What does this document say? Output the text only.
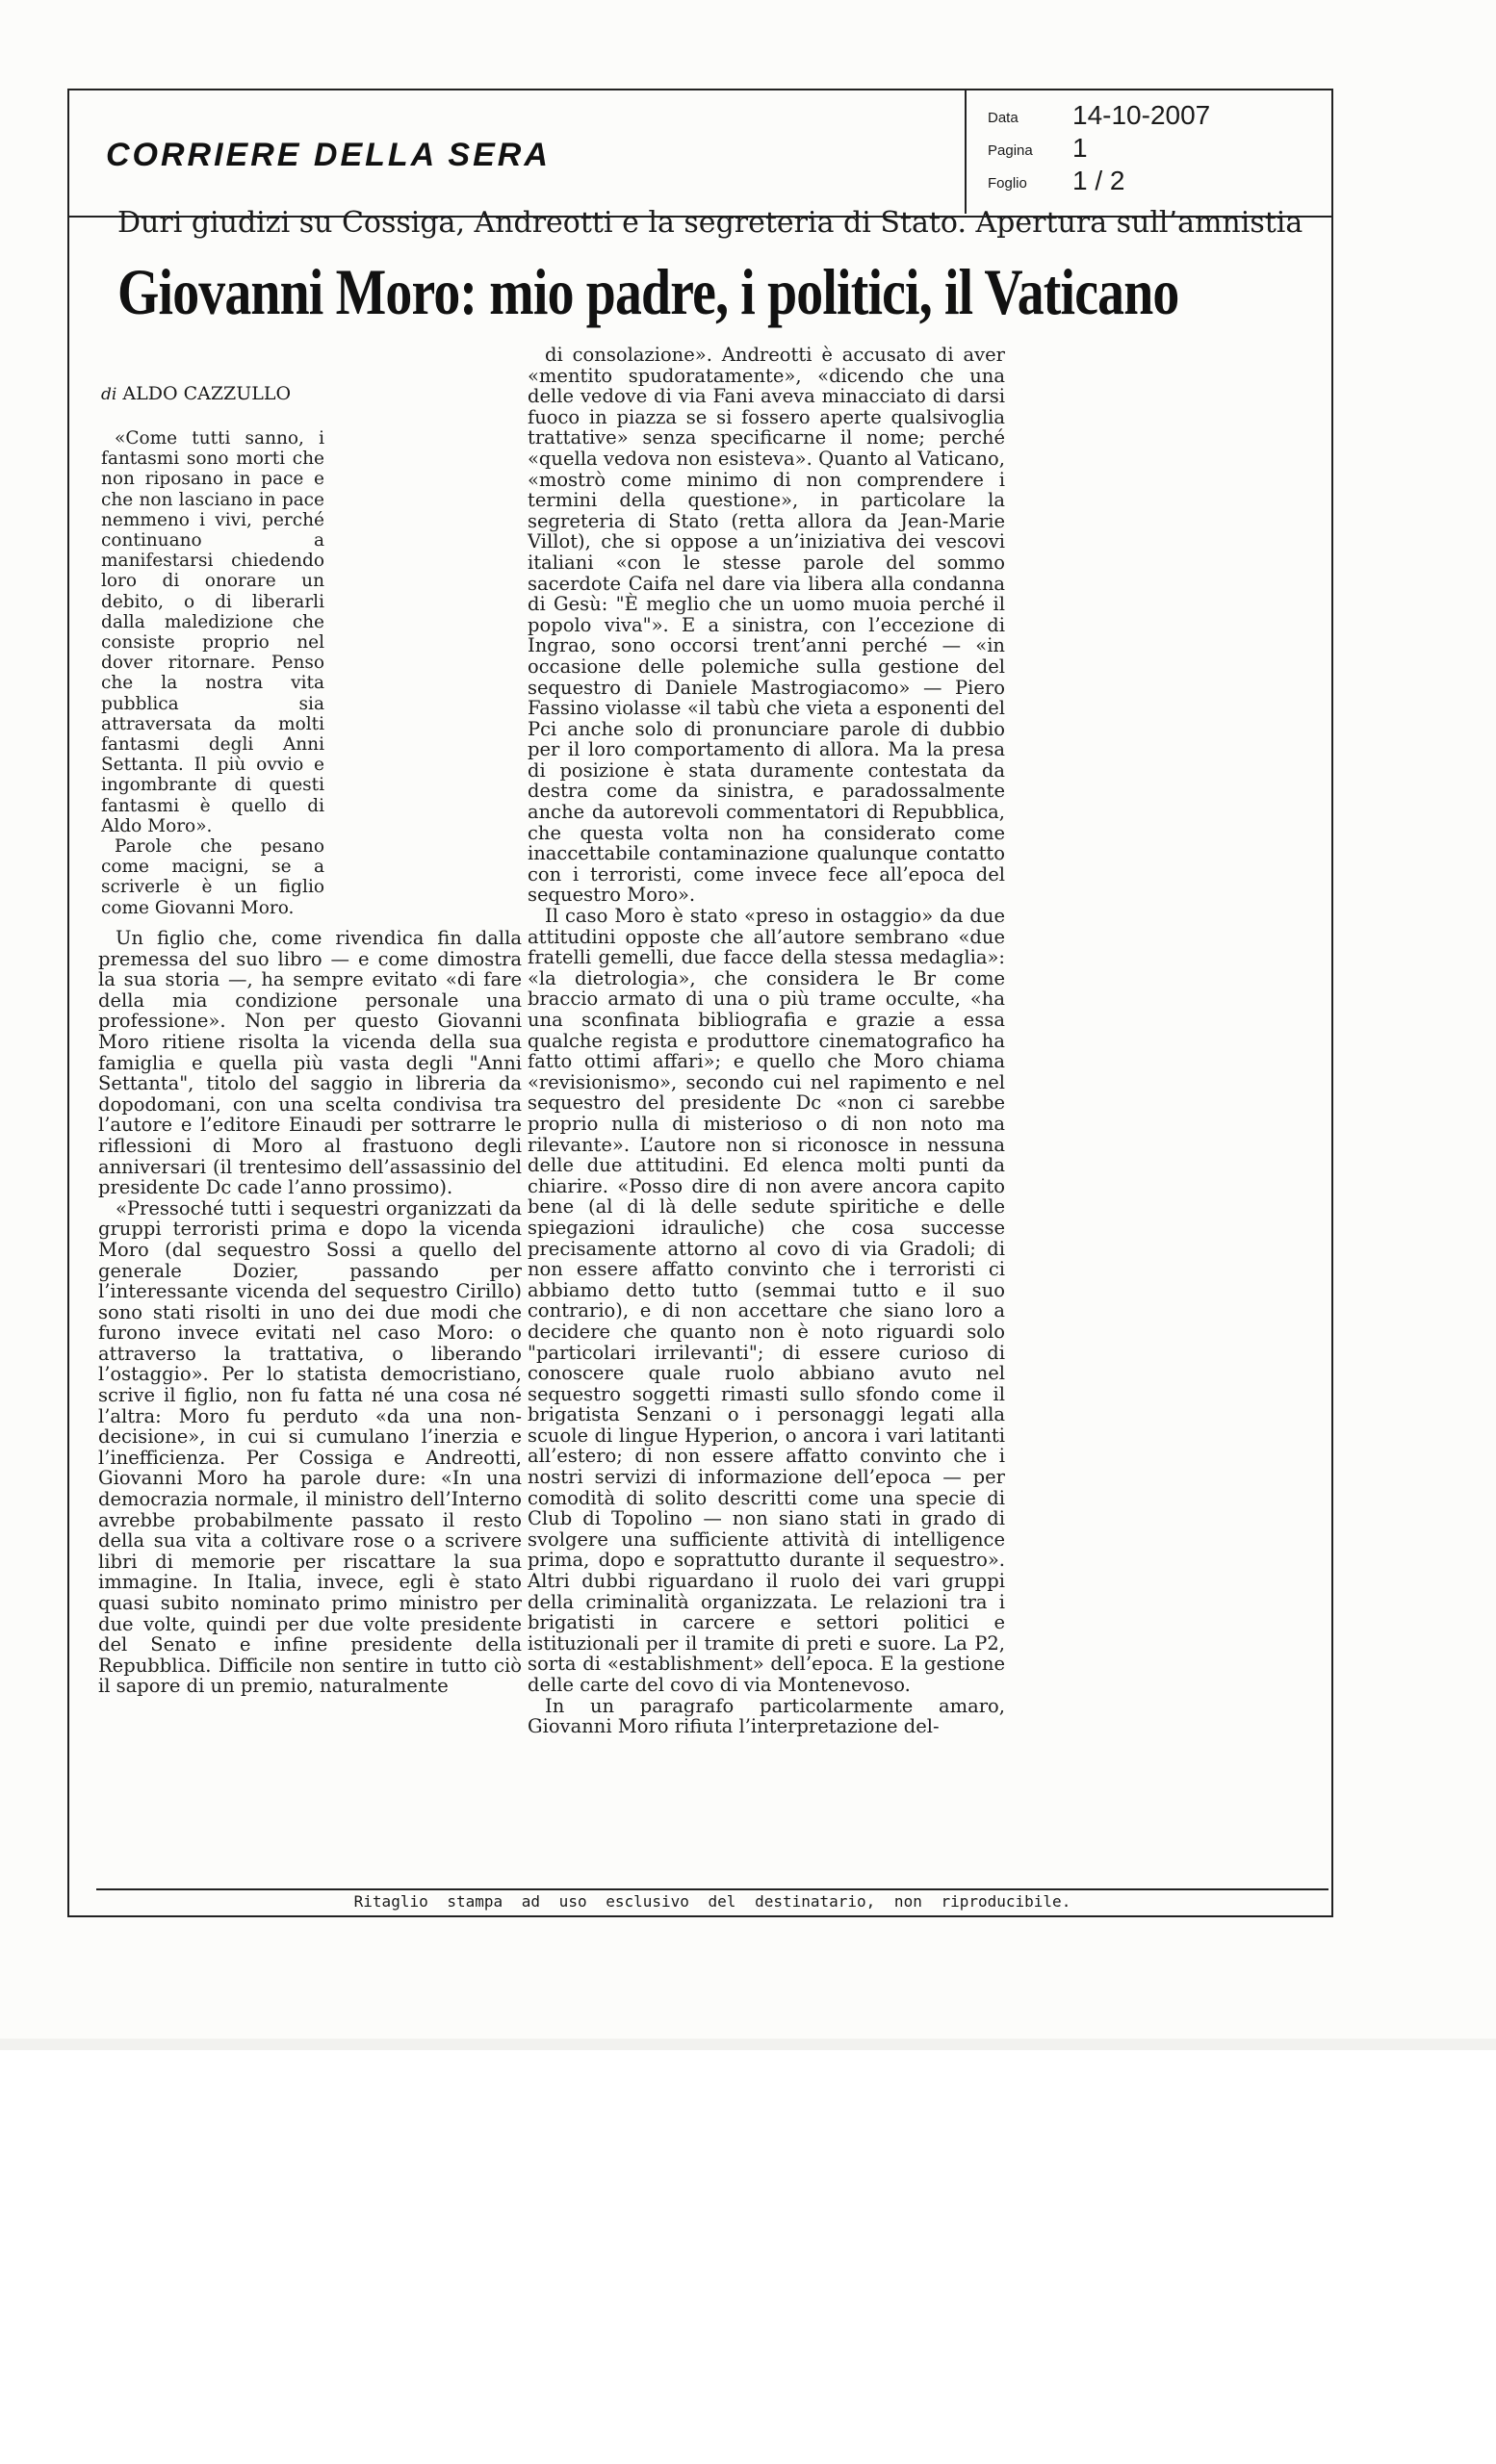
CORRIERE DELLA SERA
Data 14-10-2007
Pagina 1
Foglio 1 / 2
Duri giudizi su Cossiga, Andreotti e la segreteria di Stato. Apertura sull’amnistia
Giovanni Moro: mio padre, i politici, il Vaticano
di ALDO CAZZULLO

«Come tutti sanno, i fantasmi sono morti che non riposano in pace e che non lasciano in pace nemmeno i vivi, perché continuano a manifestarsi chiedendo loro di onorare un debito, o di liberarli dalla maledizione che consiste proprio nel dover ritornare. Penso che la nostra vita pubblica sia attraversata da molti fantasmi degli Anni Settanta. Il più ovvio e ingombrante di questi fantasmi è quello di Aldo Moro».

Parole che pesano come macigni, se a scriverle è un figlio come Giovanni Moro.

Un figlio che, come rivendica fin dalla premessa del suo libro — e come dimostra la sua storia —, ha sempre evitato «di fare della mia condizione personale una professione». Non per questo Giovanni Moro ritiene risolta la vicenda della sua famiglia e quella più vasta degli "Anni Settanta", titolo del saggio in libreria da dopodomani, con una scelta condivisa tra l’autore e l’editore Einaudi per sottrarre le riflessioni di Moro al frastuono degli anniversari (il trentesimo dell’assassinio del presidente Dc cade l’anno prossimo).

«Pressoché tutti i sequestri organizzati da gruppi terroristi prima e dopo la vicenda Moro (dal sequestro Sossi a quello del generale Dozier, passando per l’interessante vicenda del sequestro Cirillo) sono stati risolti in uno dei due modi che furono invece evitati nel caso Moro: o attraverso la trattativa, o liberando l’ostaggio». Per lo statista democristiano, scrive il figlio, non fu fatta né una cosa né l’altra: Moro fu perduto «da una non-decisione», in cui si cumulano l’inerzia e l’inefficienza. Per Cossiga e Andreotti, Giovanni Moro ha parole dure: «In una democrazia normale, il ministro dell’Interno avrebbe probabilmente passato il resto della sua vita a coltivare rose o a scrivere libri di memorie per riscattare la sua immagine. In Italia, invece, egli è stato quasi subito nominato primo ministro per due volte, quindi per due volte presidente del Senato e infine presidente della Repubblica. Difficile non sentire in tutto ciò il sapore di un premio, naturalmente

di consolazione». Andreotti è accusato di aver «mentito spudoratamente», «dicendo che una delle vedove di via Fani aveva minacciato di darsi fuoco in piazza se si fossero aperte qualsivoglia trattative» senza specificarne il nome; perché «quella vedova non esisteva». Quanto al Vaticano, «mostrò come minimo di non comprendere i termini della questione», in particolare la segreteria di Stato (retta allora da Jean-Marie Villot), che si oppose a un’iniziativa dei vescovi italiani «con le stesse parole del sommo sacerdote Caifa nel dare via libera alla condanna di Gesù: "È meglio che un uomo muoia perché il popolo viva"». E a sinistra, con l’eccezione di Ingrao, sono occorsi trent’anni perché — «in occasione delle polemiche sulla gestione del sequestro di Daniele Mastrogiacomo» — Piero Fassino violasse «il tabù che vieta a esponenti del Pci anche solo di pronunciare parole di dubbio per il loro comportamento di allora. Ma la presa di posizione è stata duramente contestata da destra come da sinistra, e paradossalmente anche da autorevoli commentatori di Repubblica, che questa volta non ha considerato come inaccettabile contaminazione qualunque contatto con i terroristi, come invece fece all’epoca del sequestro Moro».

Il caso Moro è stato «preso in ostaggio» da due attitudini opposte che all’autore sembrano «due fratelli gemelli, due facce della stessa medaglia»: «la dietrologia», che considera le Br come braccio armato di una o più trame occulte, «ha una sconfinata bibliografia e grazie a essa qualche regista e produttore cinematografico ha fatto ottimi affari»; e quello che Moro chiama «revisionismo», secondo cui nel rapimento e nel sequestro del presidente Dc «non ci sarebbe proprio nulla di misterioso o di non noto ma rilevante». L’autore non si riconosce in nessuna delle due attitudini. Ed elenca molti punti da chiarire. «Posso dire di non avere ancora capito bene (al di là delle sedute spiritiche e delle spiegazioni idrauliche) che cosa successe precisamente attorno al covo di via Gradoli; di non essere affatto convinto che i terroristi ci abbiamo detto tutto (semmai tutto e il suo contrario), e di non accettare che siano loro a decidere che quanto non è noto riguardi solo "particolari irrilevanti"; di essere curioso di conoscere quale ruolo abbiano avuto nel sequestro soggetti rimasti sullo sfondo come il brigatista Senzani o i personaggi legati alla scuole di lingue Hyperion, o ancora i vari latitanti all’estero; di non essere affatto convinto che i nostri servizi di informazione dell’epoca — per comodità di solito descritti come una specie di Club di Topolino — non siano stati in grado di svolgere una sufficiente attività di intelligence prima, dopo e soprattutto durante il sequestro». Altri dubbi riguardano il ruolo dei vari gruppi della criminalità organizzata. Le relazioni tra i brigatisti in carcere e settori politici e istituzionali per il tramite di preti e suore. La P2, sorta di «establishment» dell’epoca. E la gestione delle carte del covo di via Montenevoso.

In un paragrafo particolarmente amaro, Giovanni Moro rifiuta l’interpretazione del-

Ritaglio stampa ad uso esclusivo del destinatario, non riproducibile.
